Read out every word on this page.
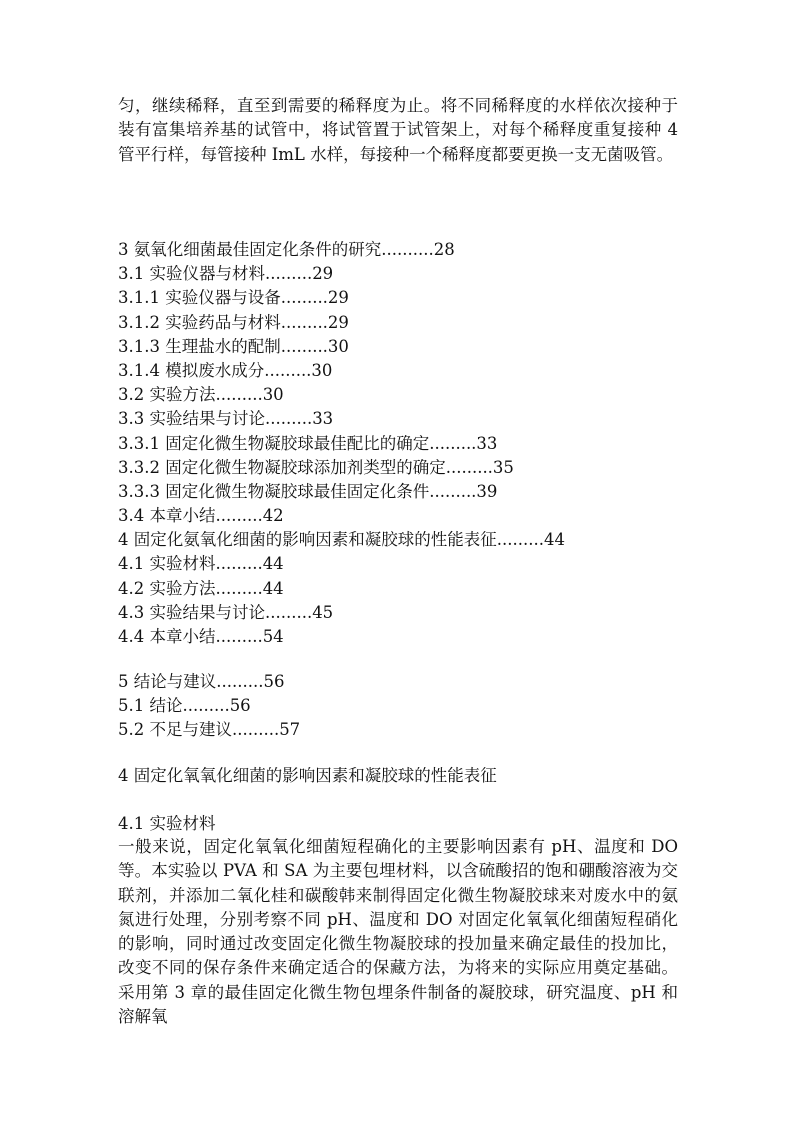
匀，继续稀释，直至到需要的稀释度为止。将不同稀释度的水样依次接种于装有富集培养基的试管中，将试管置于试管架上，对每个稀释度重复接种 4 管平行样，每管接种 ImL 水样，每接种一个稀释度都要更换一支无菌吸管。

3 氨氧化细菌最佳固定化条件的研究..........28
3.1 实验仪器与材料.........29
3.1.1 实验仪器与设备.........29
3.1.2 实验药品与材料.........29
3.1.3 生理盐水的配制.........30
3.1.4 模拟废水成分.........30
3.2 实验方法.........30
3.3 实验结果与讨论.........33
3.3.1 固定化微生物凝胶球最佳配比的确定.........33
3.3.2 固定化微生物凝胶球添加剂类型的确定.........35
3.3.3 固定化微生物凝胶球最佳固定化条件.........39
3.4 本章小结.........42
4 固定化氨氧化细菌的影响因素和凝胶球的性能表征.........44
4.1 实验材料.........44
4.2 实验方法.........44
4.3 实验结果与讨论.........45
4.4 本章小结.........54
5 结论与建议.........56
5.1 结论.........56
5.2 不足与建议.........57
4 固定化氧氧化细菌的影响因素和凝胶球的性能表征
4.1 实验材料

一般来说，固定化氧氧化细菌短程确化的主要影响因素有 pH、温度和 DO 等。本实验以 PVA 和 SA 为主要包埋材料，以含硫酸招的饱和硼酸溶液为交联剂，并添加二氧化桂和碳酸韩来制得固定化微生物凝胶球来对废水中的氨氮进行处理，分别考察不同 pH、温度和 DO 对固定化氧氧化细菌短程硝化的影响，同时通过改变固定化微生物凝胶球的投加量来确定最佳的投加比，改变不同的保存条件来确定适合的保藏方法，为将来的实际应用奠定基础。采用第 3 章的最佳固定化微生物包埋条件制备的凝胶球，研究温度、pH 和溶解氧
